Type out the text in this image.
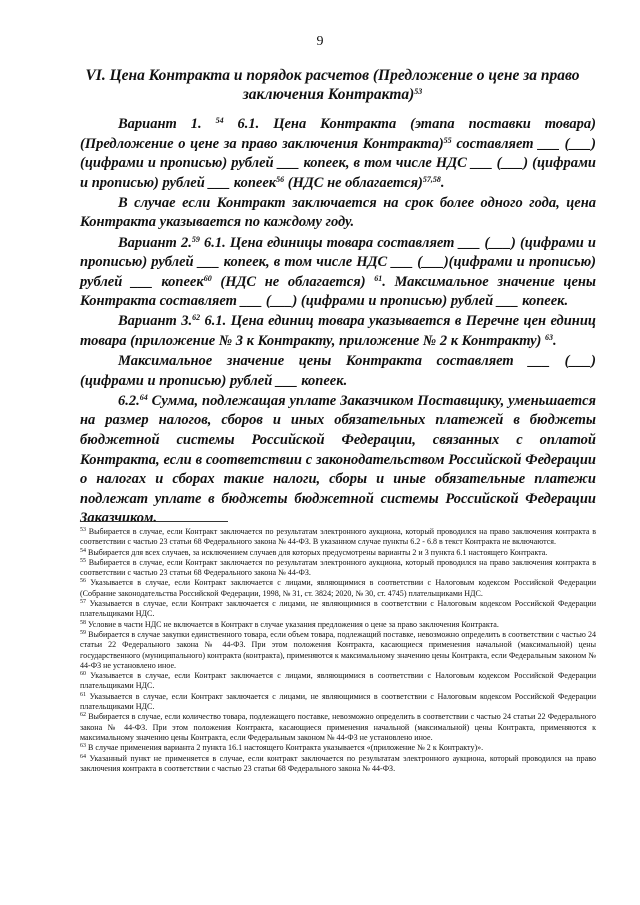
9
VI. Цена Контракта и порядок расчетов (Предложение о цене за право заключения Контракта)$^{53}$

Вариант 1. $^{54}$ 6.1. Цена Контракта (этапа поставки товара) (Предложение о цене за право заключения Контракта)$^{55}$ составляет ___ (___) (цифрами и прописью) рублей ___ копеек, в том числе НДС ___ (___) (цифрами и прописью) рублей ___ копеек$^{56}$ (НДС не облагается)$^{57,58}$.

В случае если Контракт заключается на срок более одного года, цена Контракта указывается по каждому году.

Вариант 2.59 6.1. Цена единицы товара составляет ___ (___) (цифрами и прописью) рублей ___ копеек, в том числе НДС ___ (___)(цифрами и прописью) рублей ___ копеек$^{60}$ (НДС не облагается) $^{61}$. Максимальное значение цены Контракта составляет ___ (___) (цифрами и прописью) рублей ___ копеек.

Вариант 3.62 6.1. Цена единиц товара указывается в Перечне цен единиц товара (приложение № 3 к Контракту, приложение № 2 к Контракту) $^{63}$.

Максимальное значение цены Контракта составляет ___ (___) (цифрами и прописью) рублей ___ копеек.

6.2.64 Сумма, подлежащая уплате Заказчиком Поставщику, уменьшается на размер налогов, сборов и иных обязательных платежей в бюджеты бюджетной системы Российской Федерации, связанных с оплатой Контракта, если в соответствии с законодательством Российской Федерации о налогах и сборах такие налоги, сборы и иные обязательные платежи подлежат уплате в бюджеты бюджетной системы Российской Федерации Заказчиком.

$^{53}$ Выбирается в случае, если Контракт заключается по результатам электронного аукциона, который проводился на право заключения контракта в соответствии с частью 23 статьи 68 Федерального закона № 44-ФЗ. В указанном случае пункты 6.2 - 6.8 в текст Контракта не включаются.

$^{54}$ Выбирается для всех случаев, за исключением случаев для которых предусмотрены варианты 2 и 3 пункта 6.1 настоящего Контракта.

$^{55}$ Выбирается в случае, если Контракт заключается по результатам электронного аукциона, который проводился на право заключения контракта в соответствии с частью 23 статьи 68 Федерального закона № 44-ФЗ.

$^{56}$ Указывается в случае, если Контракт заключается с лицами, являющимися в соответствии с Налоговым кодексом Российской Федерации (Собрание законодательства Российской Федерации, 1998, № 31, ст. 3824; 2020, № 30, ст. 4745) плательщиками НДС.

$^{57}$ Указывается в случае, если Контракт заключается с лицами, не являющимися в соответствии с Налоговым кодексом Российской Федерации плательщиками НДС.

$^{58}$ Условие в части НДС не включается в Контракт в случае указания предложения о цене за право заключения Контракта.

$^{59}$ Выбирается в случае закупки единственного товара, если объем товара, подлежащий поставке, невозможно определить в соответствии с частью 24 статьи 22 Федерального закона № 44-ФЗ. При этом положения Контракта, касающиеся применения начальной (максимальной) цены государственного (муниципального) контракта (контракта), применяются к максимальному значению цены Контракта, если Федеральным законом № 44-ФЗ не установлено иное.

$^{60}$ Указывается в случае, если Контракт заключается с лицами, являющимися в соответствии с Налоговым кодексом Российской Федерации плательщиками НДС.

$^{61}$ Указывается в случае, если Контракт заключается с лицами, не являющимися в соответствии с Налоговым кодексом Российской Федерации плательщиками НДС.

$^{62}$ Выбирается в случае, если количество товара, подлежащего поставке, невозможно определить в соответствии с частью 24 статьи 22 Федерального закона № 44-ФЗ. При этом положения Контракта, касающиеся применения начальной (максимальной) цены Контракта, применяются к максимальному значению цены Контракта, если Федеральным законом № 44-ФЗ не установлено иное.

$^{63}$ В случае применения варианта 2 пункта 16.1 настоящего Контракта указывается «(приложение № 2 к Контракту)».

$^{64}$ Указанный пункт не применяется в случае, если контракт заключается по результатам электронного аукциона, который проводился на право заключения контракта в соответствии с частью 23 статьи 68 Федерального закона № 44-ФЗ.
